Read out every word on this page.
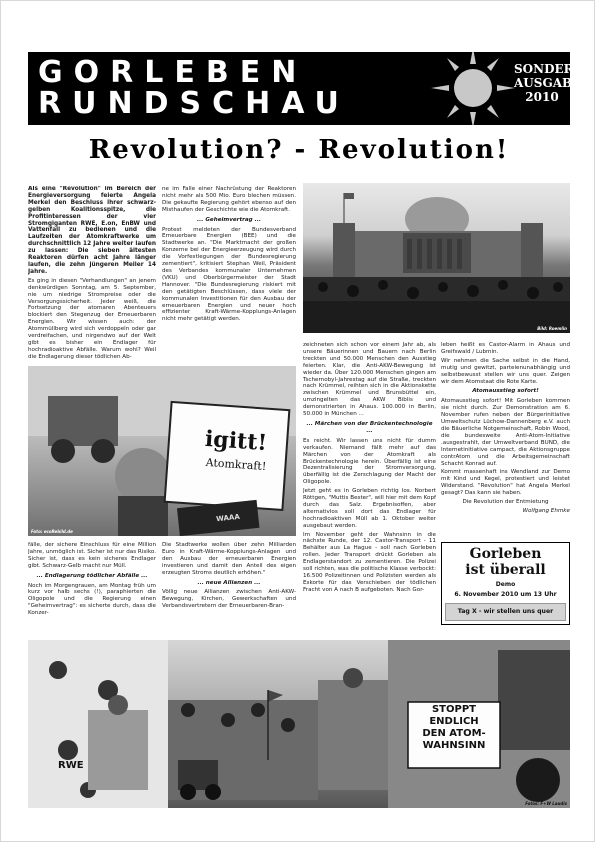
GORLEBEN
RUNDSCHAU
SONDER
AUSGABE
2010
Revolution? - Revolution!

Als eine "Revolution" im Bereich der Energieversorgung feierte Angela Merkel den Beschluss ihrer schwarz-gelben Koalitionsspitze, die Profitinteressen der vier Stromgiganten RWE, E.on, EnBW und Vattenfall zu bedienen und die Laufzeiten der Atomkraftwerke um durchschnittlich 12 Jahre weiter laufen zu lassen: Die sieben ältesten Reaktoren dürfen acht Jahre länger laufen, die zehn jüngeren Meiler 14 Jahre.

Es ging in diesen "Verhandlungen" an jenem denkwürdigen Sonntag, am 5. September, nie um niedrige Strompreise oder die Versorgungssicherheit. Jeder weiß, die Fortsetzung der atomaren Abenteuers blockiert den Stegenzug der Erneuerbaren Energien. Wir wissen auch: der Atommüllberg wird sich verdoppeln oder gar verdreifachen, und nirgendwo auf der Welt gibt es bisher ein Endlager für hochradioaktive Abfälle. Warum wohl? Weil die Endlagerung dieser tödlichen Ab-

ne im Falle einer Nachrüstung der Reaktoren nicht mehr als 500 Mio. Euro blechen müssen. Die gekaufte Regierung gehört ebenso auf den Misthaufen der Geschichte wie die Atomkraft.

... Geheimvertrag ...

Protest meldeten der Bundesverband Erneuerbare Energien (BEE) und die Stadtwerke an. "Die Marktmacht der großen Konzerne bei der Energieerzeugung wird durch die Vorfestlegungen der Bundesregierung zementiert", kritisiert Stephan Weil, Präsident des Verbandes kommunaler Unternehmen (VKU) und Oberbürgermeister der Stadt Hannover. "Die Bundesregierung riskiert mit den getätigten Beschlüssen, dass viele der kommunalen Investitionen für den Ausbau der erneuerbaren Energien und neuer hoch effizienter Kraft-Wärme-Kopplungs-Anlagen nicht mehr getätigt werden.

Bild: Roemlin
igitt!
Atomkraft!
WAAA
Foto: ecoRebild.de

zeichneten sich schon vor einem Jahr ab, als unsere Bäuerinnen und Bauern nach Berlin treckten und 50.000 Menschen den Ausstieg feierten. Klar, die Anti-AKW-Bewegung ist wieder da. Über 120.000 Menschen gingen am Tschernobyl-Jahrestag auf die Straße, treckten nach Krümmel, reihten sich in die Aktionskette zwischen Krümmel und Brunsbüttel ein, umzingelten das AKW Biblis und demonstrierten in Ahaus. 100.000 in Berlin, 50.000 in München ...

... Märchen von der Brückentechnologie ...

Es reicht. Wir lassen uns nicht für dumm verkaufen. Niemand fällt mehr auf das Märchen von der Atomkraft als Brückentechnologie herein. Überfällig ist eine Dezentralisierung der Stromversorgung, überfällig ist die Zerschlagung der Macht der Oligopole.

Jetzt geht es in Gorleben richtig los. Norbert Röttgen, "Muttis Bester", will hier mit dem Kopf durch das Salz. Ergebnisoffen, aber alternativlos soll dort das Endlager für hochradioaktiven Müll ab 1. Oktober weiter ausgebaut werden.

Im November geht der Wahnsinn in die nächste Runde, der 12. Castor-Transport - 11 Behälter aus La Hague - soll nach Gorleben rollen. Jeder Transport drückt Gorleben als Endlagerstandort zu zementieren. Die Polizei soll richten, was die politische Klasse verbockt: 16.500 Polizeitinnen und Polizisten werden als Eskorte für das Verschieben der tödlichen Fracht von A nach B aufgeboten. Nach Gor-

leben heißt es Castor-Alarm in Ahaus und Greifswald / Lubmin.

Wir nehmen die Sache selbst in die Hand, mutig und gewitzt, parteienunabhängig und selbstbewusst stellen wir uns quer. Zeigen wir dem Atomstaat die Rote Karte.

Atomausstieg sofort!

Atomausstieg sofort! Mit Gorleben kommen sie nicht durch. Zur Demonstration am 6. November rufen neben der Bürgerinitiative Umweltschutz Lüchow-Dannenberg e.V. auch die Bäuerliche Notgemeinschaft, Robin Wood, die bundesweite Anti-Atom-Initiative .ausgestrahlt, der Umweltverband BUND, die Internetinitiative campact, die Aktionsgruppe contrAtom und die Arbeitsgemeinschaft Schacht Konrad auf.

Kommt massenhaft ins Wendland zur Demo mit Kind und Kegel, protestiert und leistet Widerstand. "Revolution" hat Angela Merkel gesagt? Das kann sie haben.

Die Revolution der Entmietung

Wolfgang Ehmke

fälle, der sichere Einschluss für eine Million Jahre, unmöglich ist. Sicher ist nur das Risiko. Sicher ist, dass es kein sicheres Endlager gibt. Schwarz-Gelb macht nur Müll.

... Endlagerung tödlicher Abfälle ...

Noch im Morgengrauen, am Montag früh um kurz vor halb sechs (!), paraphierten die Oligopole und die Regierung einen "Geheimvertrag": es sicherte durch, dass die Konzer-

Die Stadtwerke wollen über zehn Milliarden Euro in Kraft-Wärme-Kopplungs-Anlagen und den Ausbau der erneuerbaren Energien investieren und damit den Anteil des eigen erzeugten Stroms deutlich erhöhen."

... neue Allianzen ...

Völlig neue Allianzen zwischen Anti-AKW-Bewegung, Kirchen, Gewerkschaften und Verbandsvertretern der Erneuerbaren-Bran-

Gorleben
ist überall
Demo
6. November 2010 um 13 Uhr
Tag X - wir stellen uns quer
RWE
STOPPT
ENDLICH
DEN ATOM-
WAHNSINN
Fotos: F+W Laudis
